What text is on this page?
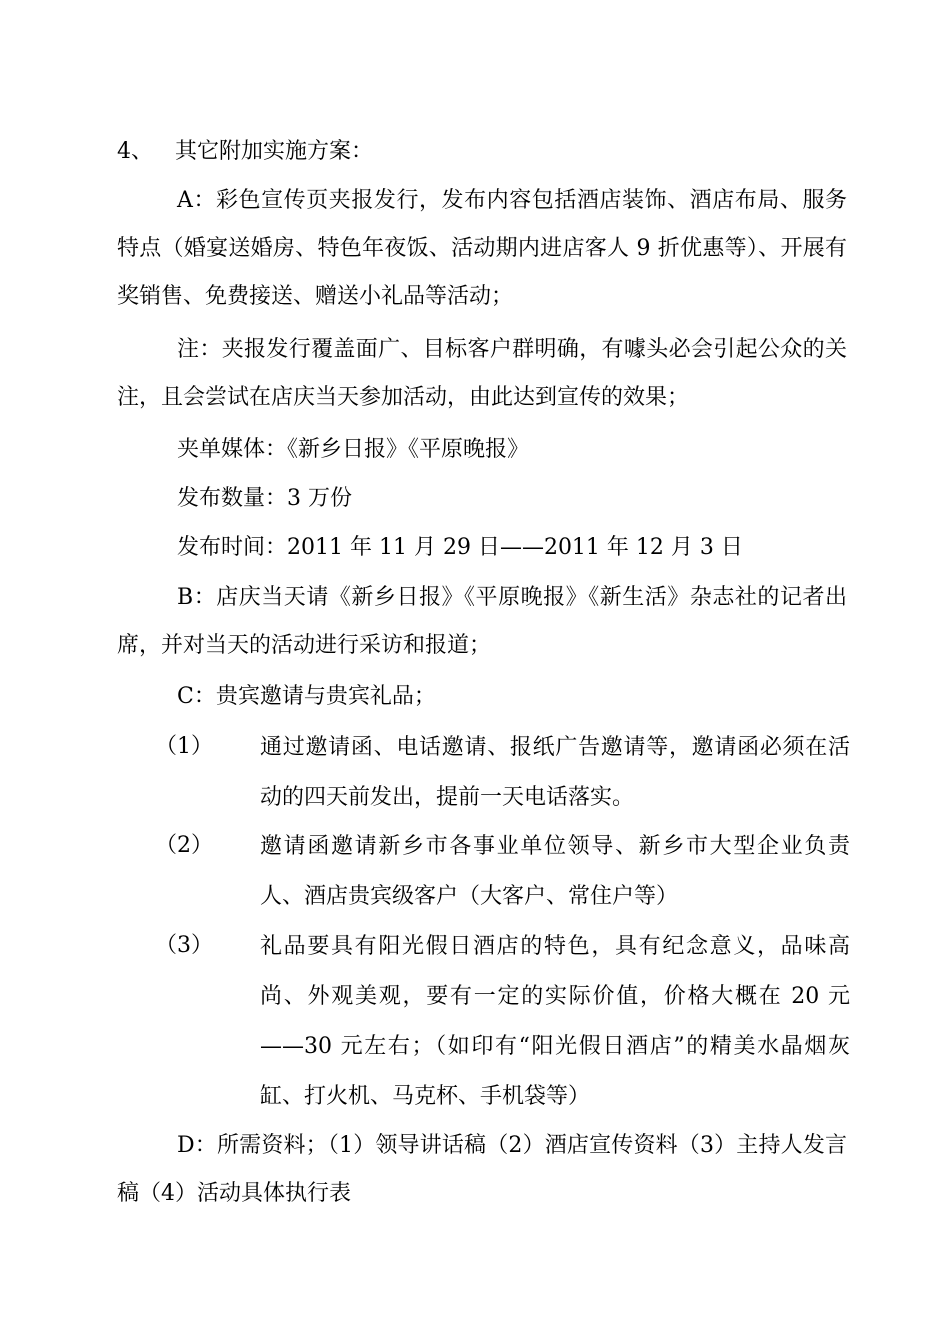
4、 其它附加实施方案：

A：彩色宣传页夹报发行，发布内容包括酒店装饰、酒店布局、服务特点（婚宴送婚房、特色年夜饭、活动期内进店客人 9 折优惠等）、开展有奖销售、免费接送、赠送小礼品等活动；

注：夹报发行覆盖面广、目标客户群明确，有噱头必会引起公众的关注，且会尝试在店庆当天参加活动，由此达到宣传的效果；

夹单媒体：《新乡日报》《平原晚报》

发布数量：3 万份

发布时间：2011 年 11 月 29 日——2011 年 12 月 3 日

B：店庆当天请《新乡日报》《平原晚报》《新生活》杂志社的记者出席，并对当天的活动进行采访和报道；

C：贵宾邀请与贵宾礼品；

（1） 通过邀请函、电话邀请、报纸广告邀请等，邀请函必须在活动的四天前发出，提前一天电话落实。

（2） 邀请函邀请新乡市各事业单位领导、新乡市大型企业负责人、酒店贵宾级客户（大客户、常住户等）

（3） 礼品要具有阳光假日酒店的特色，具有纪念意义，品味高尚、外观美观，要有一定的实际价值，价格大概在 20 元——30 元左右；（如印有“阳光假日酒店”的精美水晶烟灰缸、打火机、马克杯、手机袋等）

D：所需资料；（1）领导讲话稿（2）酒店宣传资料（3）主持人发言稿（4）活动具体执行表
